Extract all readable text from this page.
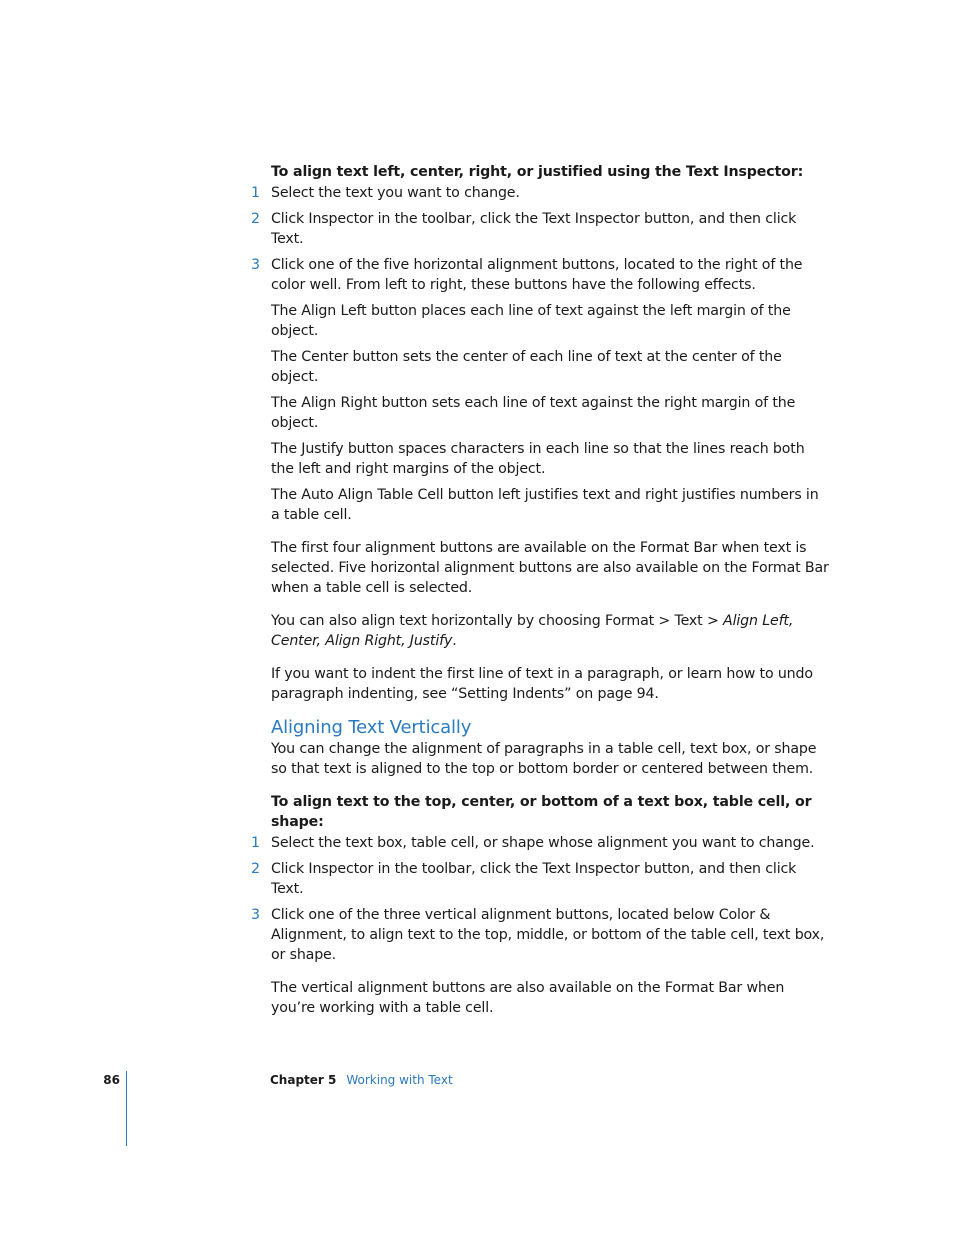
To align text left, center, right, or justified using the Text Inspector:

1 Select the text you want to change.
2 Click Inspector in the toolbar, click the Text Inspector button, and then click Text.
3 Click one of the five horizontal alignment buttons, located to the right of the color well. From left to right, these buttons have the following effects.

The Align Left button places each line of text against the left margin of the object.

The Center button sets the center of each line of text at the center of the object.

The Align Right button sets each line of text against the right margin of the object.

The Justify button spaces characters in each line so that the lines reach both the left and right margins of the object.

The Auto Align Table Cell button left justifies text and right justifies numbers in a table cell.

The first four alignment buttons are available on the Format Bar when text is selected. Five horizontal alignment buttons are also available on the Format Bar when a table cell is selected.

You can also align text horizontally by choosing Format > Text > Align Left, Center, Align Right, Justify.

If you want to indent the first line of text in a paragraph, or learn how to undo paragraph indenting, see “Setting Indents” on page 94.

Aligning Text Vertically

You can change the alignment of paragraphs in a table cell, text box, or shape so that text is aligned to the top or bottom border or centered between them.

To align text to the top, center, or bottom of a text box, table cell, or shape:

1 Select the text box, table cell, or shape whose alignment you want to change.
2 Click Inspector in the toolbar, click the Text Inspector button, and then click Text.
3 Click one of the three vertical alignment buttons, located below Color & Alignment, to align text to the top, middle, or bottom of the table cell, text box, or shape.

The vertical alignment buttons are also available on the Format Bar when you’re working with a table cell.

86	Chapter 5 Working with Text
